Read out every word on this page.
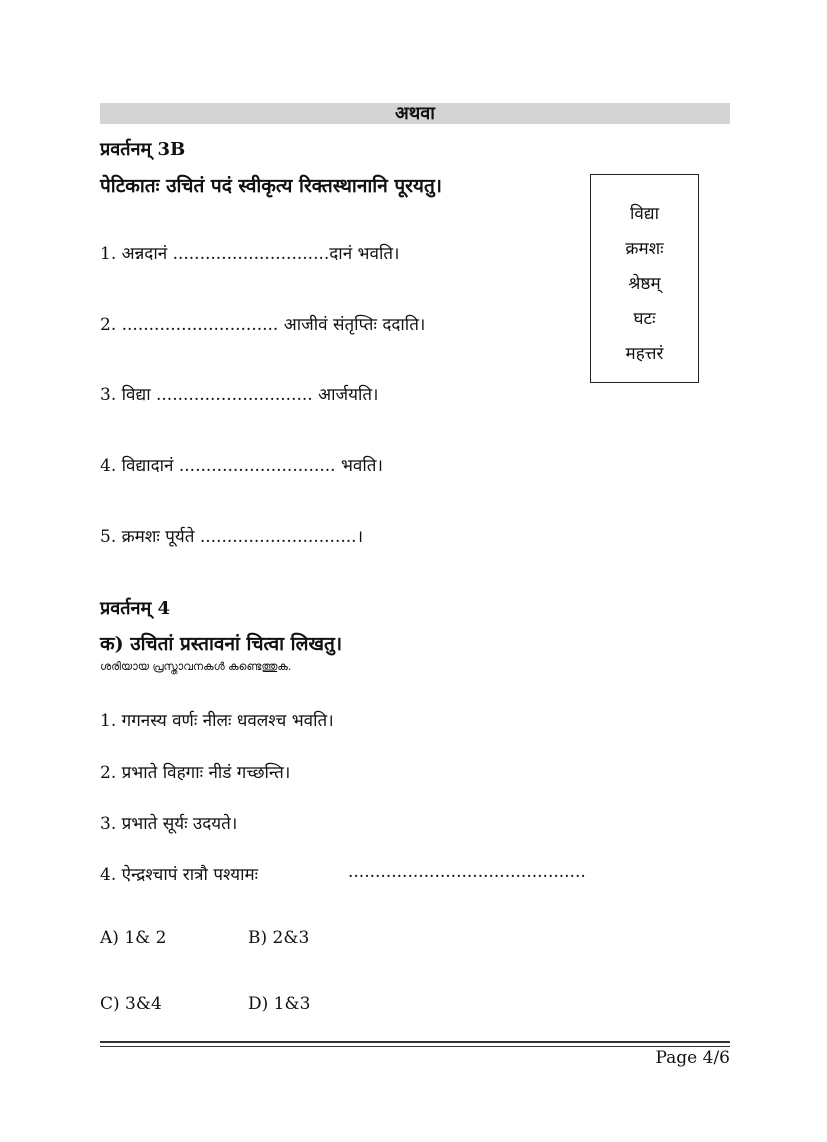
अथवा
प्रवर्तनम् 3B
पेटिकातः उचितं पदं स्वीकृत्य रिक्तस्थानानि पूरयतु।
1. अन्नदानं .............................दानं भवति।
2. ............................. आजीवं संतृप्तिः ददाति।
3. विद्या ............................. आर्जयति।
4. विद्यादानं ............................. भवति।
5. क्रमशः पूर्यते .............................।
विद्या
क्रमशः
श्रेष्ठम्
घटः
महत्तरं
प्रवर्तनम् 4
क) उचितां प्रस्तावनां चित्वा लिखतु।
ശരിയായ പ്രസ്താവനകൾ കണ്ടെത്തുക.
1. गगनस्य वर्णः नीलः धवलश्च भवति।
2. प्रभाते विहगाः नीडं गच्छन्ति।
3. प्रभाते सूर्यः उदयते।
4. ऐन्द्रश्चापं रात्रौ पश्यामः	............................................
A) 1& 2	B) 2&3
C) 3&4	D) 1&3
Page 4/6
